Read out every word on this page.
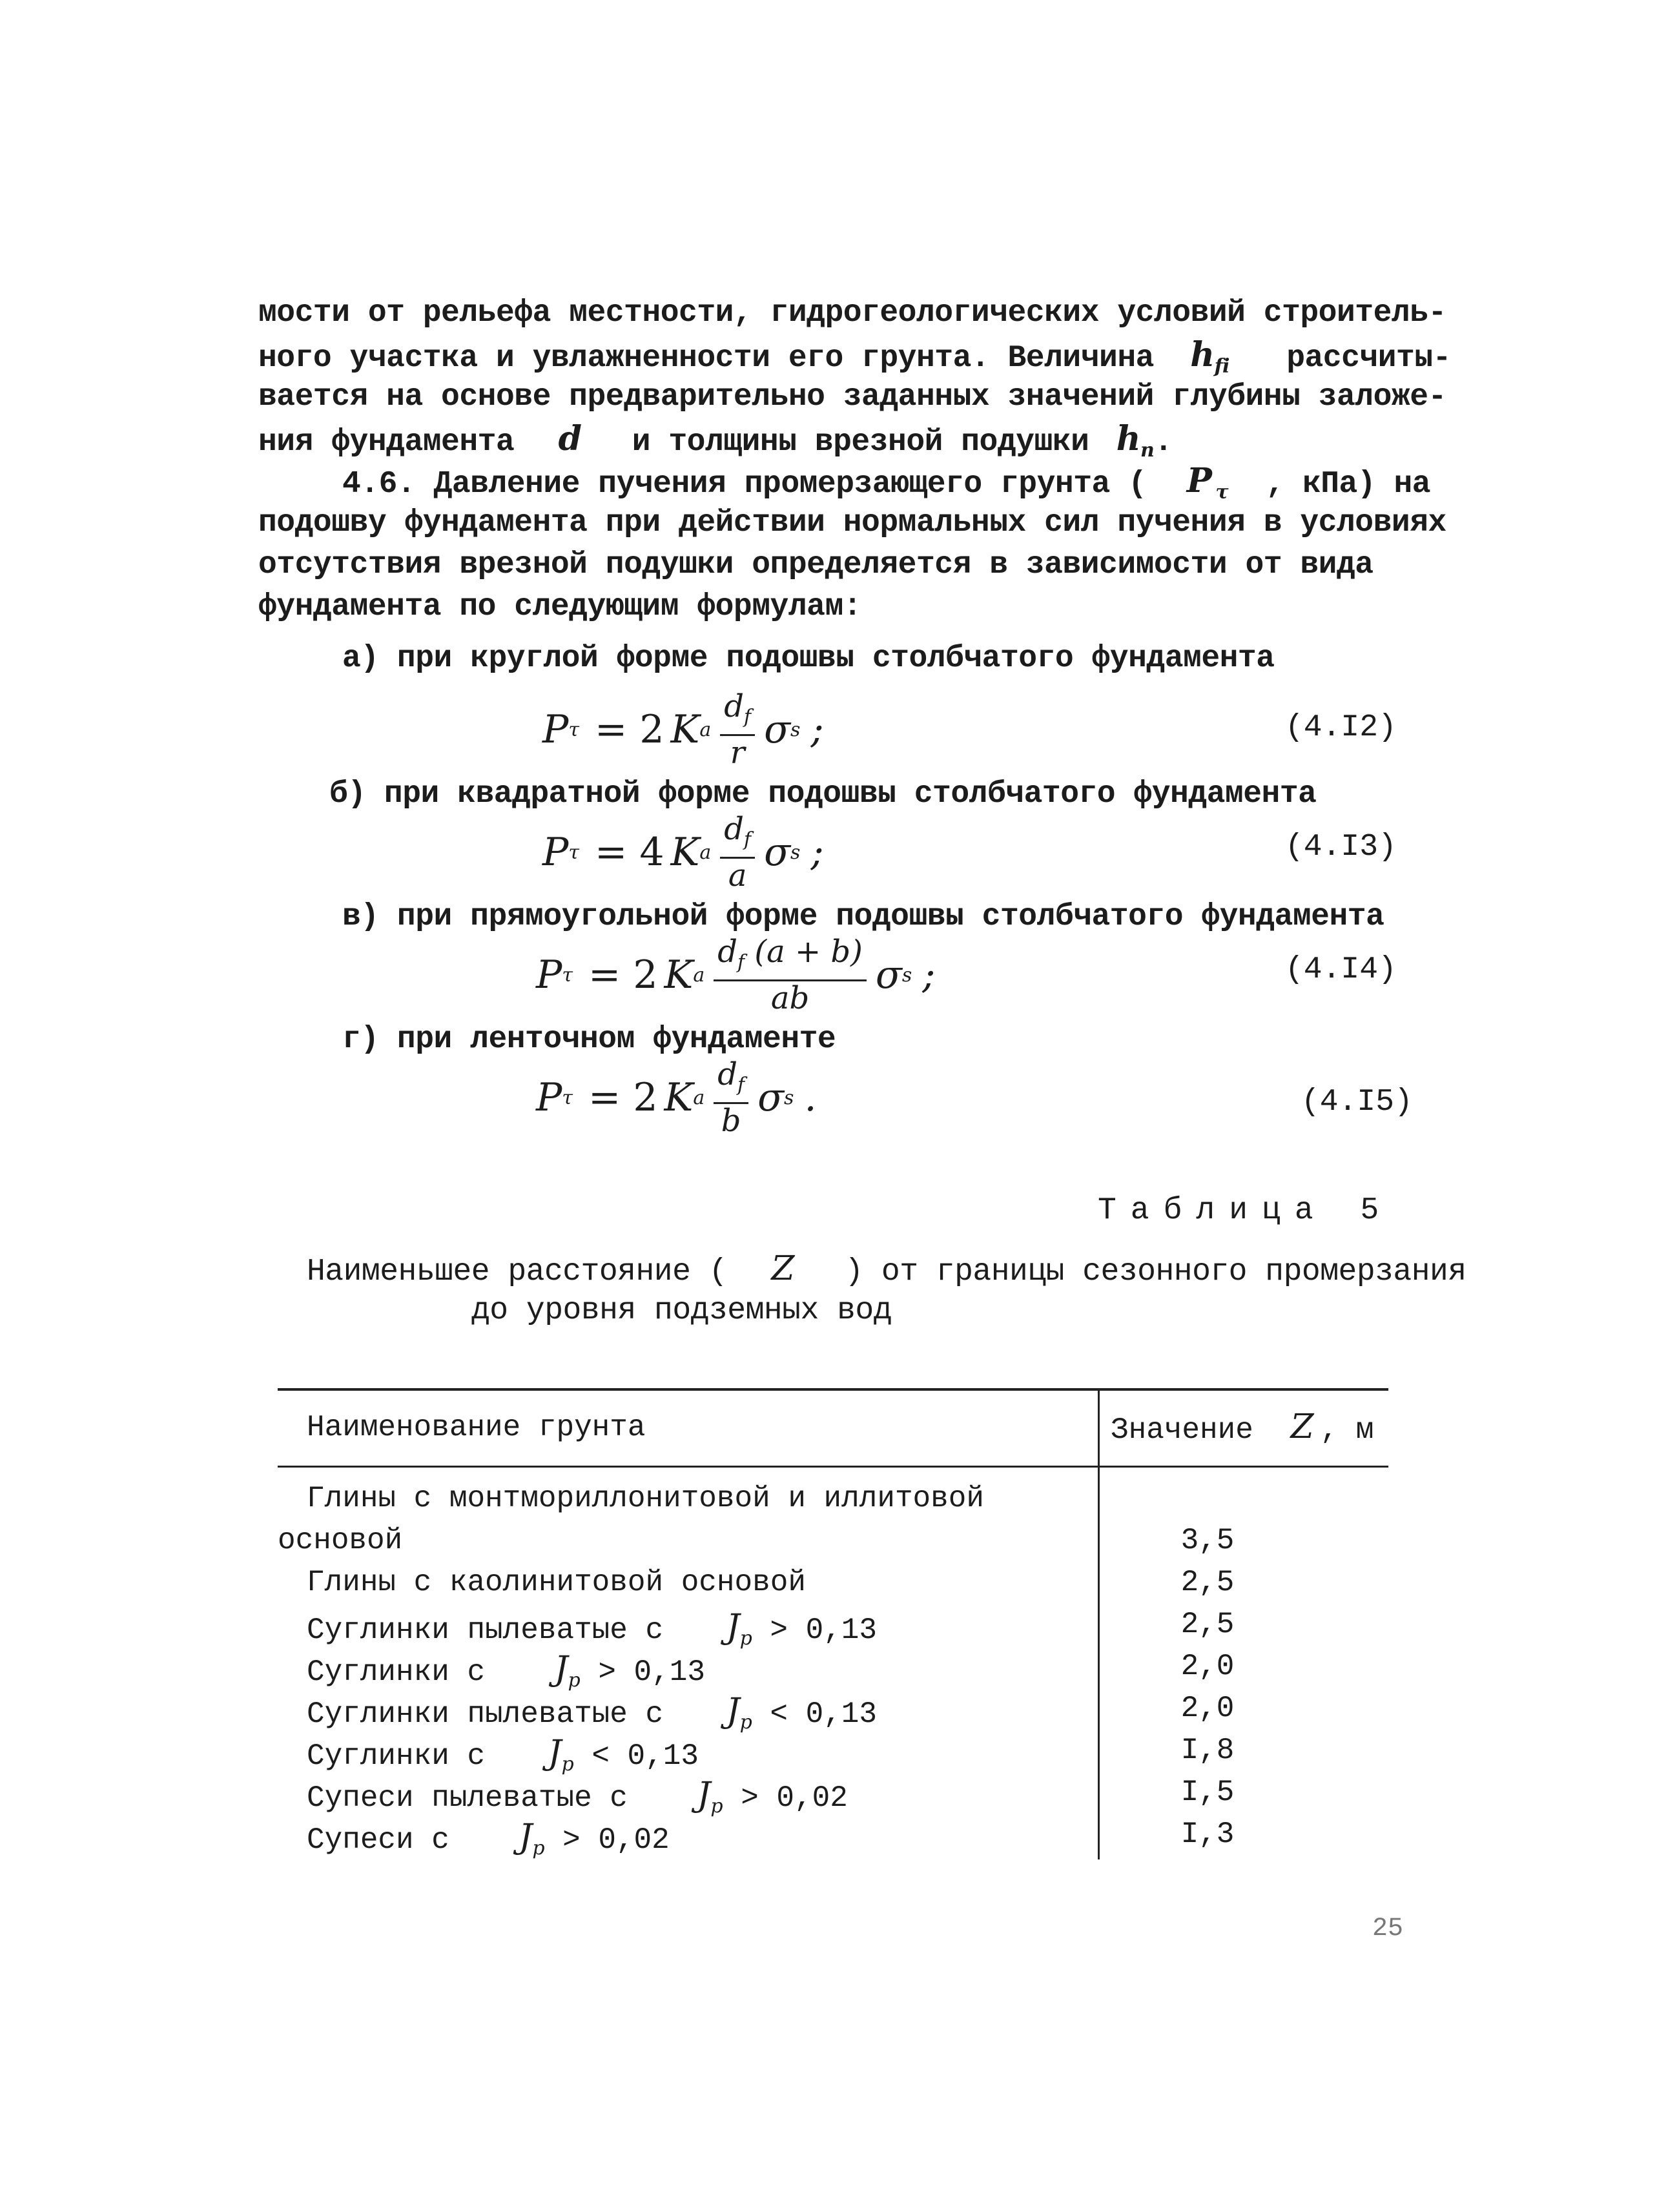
мости от рельефа местности, гидрогеологических условий строитель-
ного участка и увлажненности его грунта. Величина $h_{fi}$ рассчиты-
вается на основе предварительно заданных значений глубины заложе-
ния фундамента d и толщины врезной подушки $h_n$.
4.6. Давление пучения промерзающего грунта ( P $_\tau$ , кПа) на
подошву фундамента при действии нормальных сил пучения в условиях
отсутствия врезной подушки определяется в зависимости от вида
фундамента по следующим формулам:
а) при круглой форме подошвы столбчатого фундамента
P τ = 2 K a $\frac{d_f}{r}$ σ s ;	(4.I2)
б) при квадратной форме подошвы столбчатого фундамента
P τ = 4 K a $\frac{d_f}{a}$ σ s ;	(4.I3)
в) при прямоугольной форме подошвы столбчатого фундамента
P τ = 2 K a $\frac{d_f (a + b)}{ab}$ σ s ;	(4.I4)
г) при ленточном фундаменте
P τ = 2 K a $\frac{d_f}{b}$ σ s .	(4.I5)
Таблица 5
Наименьшее расстояние ( Z ) от границы сезонного промерзания
до уровня подземных вод
Наименование грунта	Значение Z , м
Глины с монтмориллонитовой и иллитовой
основой	3,5
Глины с каолинитовой основой	2,5
Суглинки пылеватые с $J_p > 0,13$	2,5
Суглинки с $J_p > 0,13$	2,0
Суглинки пылеватые с $J_p < 0,13$	2,0
Суглинки с $J_p < 0,13$	I,8
Супеси пылеватые с $J_p > 0,02$	I,5
Супеси с $J_p > 0,02$	I,3
25
